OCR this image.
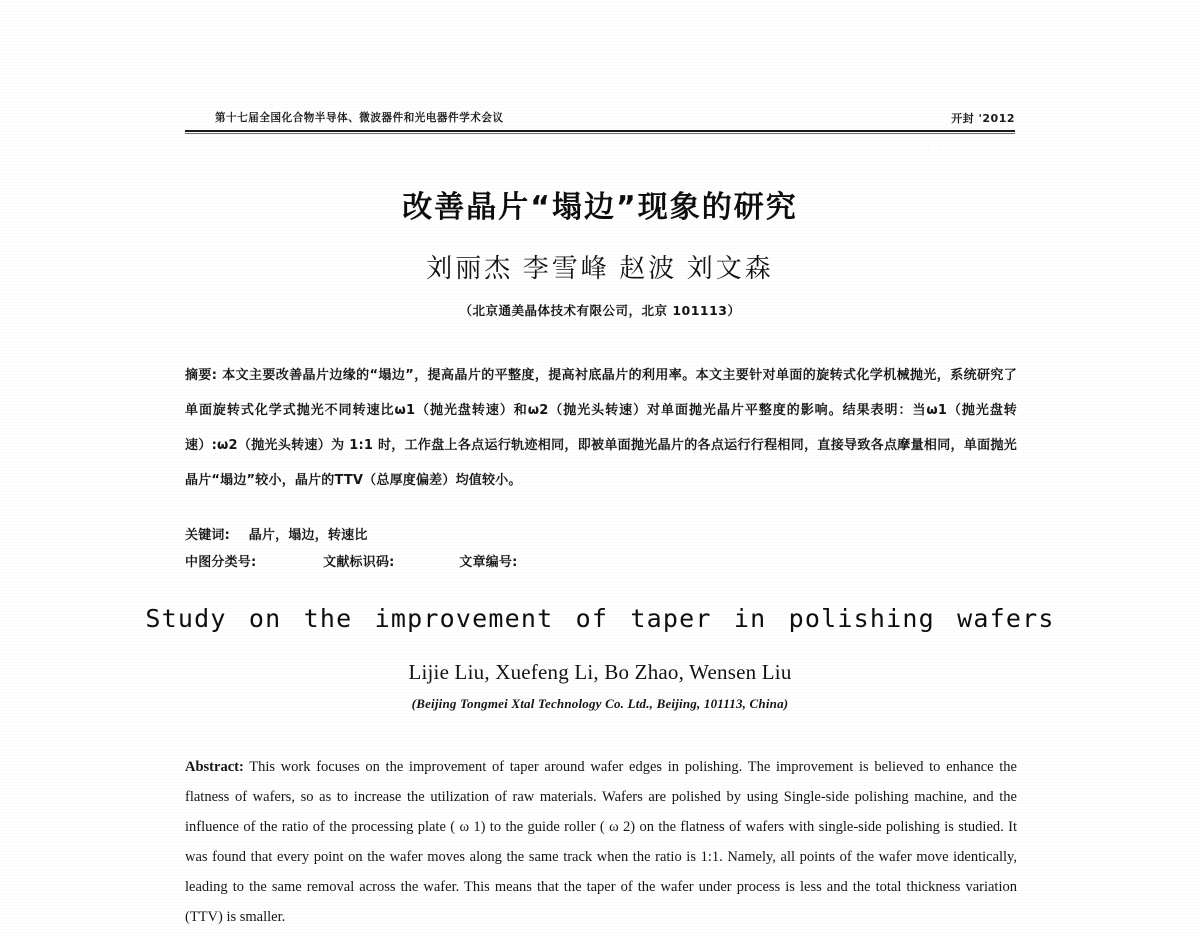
第十七届全国化合物半导体、微波器件和光电器件学术会议	开封 '2012
. . . . . . . .
改善晶片“塌边”现象的研究
刘丽杰 李雪峰 赵波 刘文森
（北京通美晶体技术有限公司，北京 101113）
摘要: 本文主要改善晶片边缘的“塌边”，提高晶片的平整度，提高衬底晶片的利用率。本文主要针对单面的旋转式化学机械抛光，系统研究了单面旋转式化学式抛光不同转速比ω1（抛光盘转速）和ω2（抛光头转速）对单面抛光晶片平整度的影响。结果表明：当ω1（抛光盘转速）:ω2（抛光头转速）为 1:1 时，工作盘上各点运行轨迹相同，即被单面抛光晶片的各点运行行程相同，直接导致各点摩量相同，单面抛光晶片“塌边”较小，晶片的TTV（总厚度偏差）均值较小。
关键词: 晶片，塌边，转速比
中图分类号:	文献标识码:	文章编号:
Study on the improvement of taper in polishing wafers
Lijie Liu, Xuefeng Li, Bo Zhao, Wensen Liu
(Beijing Tongmei Xtal Technology Co. Ltd., Beijing, 101113, China)
Abstract: This work focuses on the improvement of taper around wafer edges in polishing. The improvement is believed to enhance the flatness of wafers, so as to increase the utilization of raw materials. Wafers are polished by using Single-side polishing machine, and the influence of the ratio of the processing plate ( ω 1) to the guide roller ( ω 2) on the flatness of wafers with single-side polishing is studied. It was found that every point on the wafer moves along the same track when the ratio is 1:1. Namely, all points of the wafer move identically, leading to the same removal across the wafer. This means that the taper of the wafer under process is less and the total thickness variation (TTV) is smaller.
